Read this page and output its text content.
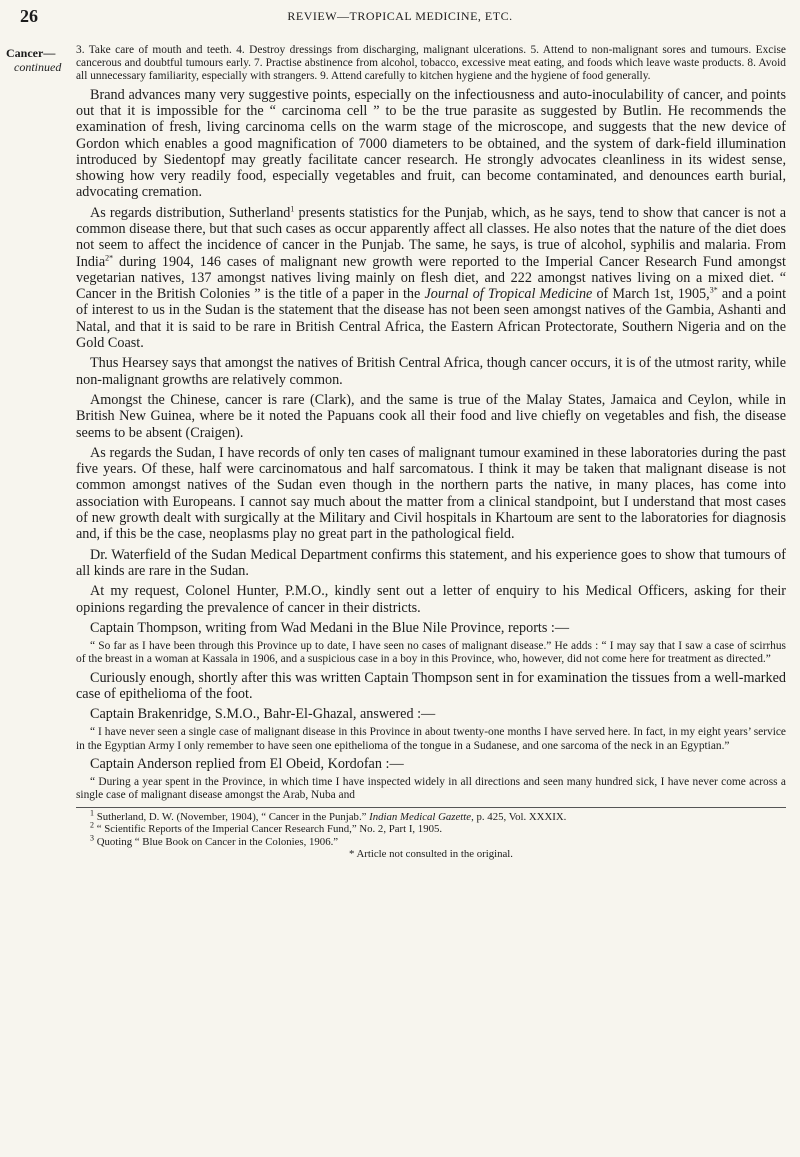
26	REVIEW—TROPICAL MEDICINE, ETC.
Cancer—
continued

3. Take care of mouth and teeth. 4. Destroy dressings from discharging, malignant ulcerations. 5. Attend to non-malignant sores and tumours. Excise cancerous and doubtful tumours early. 7. Practise abstinence from alcohol, tobacco, excessive meat eating, and foods which leave waste products. 8. Avoid all unnecessary familiarity, especially with strangers. 9. Attend carefully to kitchen hygiene and the hygiene of food generally.

Brand advances many very suggestive points, especially on the infectiousness and auto-inoculability of cancer, and points out that it is impossible for the “ carcinoma cell ” to be the true parasite as suggested by Butlin. He recommends the examination of fresh, living carcinoma cells on the warm stage of the microscope, and suggests that the new device of Gordon which enables a good magnification of 7000 diameters to be obtained, and the system of dark-field illumination introduced by Siedentopf may greatly facilitate cancer research. He strongly advocates cleanliness in its widest sense, showing how very readily food, especially vegetables and fruit, can become contaminated, and denounces earth burial, advocating cremation.

As regards distribution, Sutherland$^1$ presents statistics for the Punjab, which, as he says, tend to show that cancer is not a common disease there, but that such cases as occur apparently affect all classes. He also notes that the nature of the diet does not seem to affect the incidence of cancer in the Punjab. The same, he says, is true of alcohol, syphilis and malaria. From India$^{2*}$ during 1904, 146 cases of malignant new growth were reported to the Imperial Cancer Research Fund amongst vegetarian natives, 137 amongst natives living mainly on flesh diet, and 222 amongst natives living on a mixed diet. “ Cancer in the British Colonies ” is the title of a paper in the Journal of Tropical Medicine of March 1st, 1905,$^{3*}$ and a point of interest to us in the Sudan is the statement that the disease has not been seen amongst natives of the Gambia, Ashanti and Natal, and that it is said to be rare in British Central Africa, the Eastern African Protectorate, Southern Nigeria and on the Gold Coast.

Thus Hearsey says that amongst the natives of British Central Africa, though cancer occurs, it is of the utmost rarity, while non-malignant growths are relatively common.

Amongst the Chinese, cancer is rare (Clark), and the same is true of the Malay States, Jamaica and Ceylon, while in British New Guinea, where be it noted the Papuans cook all their food and live chiefly on vegetables and fish, the disease seems to be absent (Craigen).

As regards the Sudan, I have records of only ten cases of malignant tumour examined in these laboratories during the past five years. Of these, half were carcinomatous and half sarcomatous. I think it may be taken that malignant disease is not common amongst natives of the Sudan even though in the northern parts the native, in many places, has come into association with Europeans. I cannot say much about the matter from a clinical standpoint, but I understand that most cases of new growth dealt with surgically at the Military and Civil hospitals in Khartoum are sent to the laboratories for diagnosis and, if this be the case, neoplasms play no great part in the pathological field.

Dr. Waterfield of the Sudan Medical Department confirms this statement, and his experience goes to show that tumours of all kinds are rare in the Sudan.

At my request, Colonel Hunter, P.M.O., kindly sent out a letter of enquiry to his Medical Officers, asking for their opinions regarding the prevalence of cancer in their districts.

Captain Thompson, writing from Wad Medani in the Blue Nile Province, reports :—

“ So far as I have been through this Province up to date, I have seen no cases of malignant disease.” He adds : “ I may say that I saw a case of scirrhus of the breast in a woman at Kassala in 1906, and a suspicious case in a boy in this Province, who, however, did not come here for treatment as directed.”

Curiously enough, shortly after this was written Captain Thompson sent in for examination the tissues from a well-marked case of epithelioma of the foot.

Captain Brakenridge, S.M.O., Bahr-El-Ghazal, answered :—

“ I have never seen a single case of malignant disease in this Province in about twenty-one months I have served here. In fact, in my eight years’ service in the Egyptian Army I only remember to have seen one epithelioma of the tongue in a Sudanese, and one sarcoma of the neck in an Egyptian.”

Captain Anderson replied from El Obeid, Kordofan :—

“ During a year spent in the Province, in which time I have inspected widely in all directions and seen many hundred sick, I have never come across a single case of malignant disease amongst the Arab, Nuba and

$^1$ Sutherland, D. W. (November, 1904), “ Cancer in the Punjab.” Indian Medical Gazette, p. 425, Vol. XXXIX.

$^2$ “ Scientific Reports of the Imperial Cancer Research Fund,” No. 2, Part I, 1905.

$^3$ Quoting “ Blue Book on Cancer in the Colonies, 1906.”

* Article not consulted in the original.
